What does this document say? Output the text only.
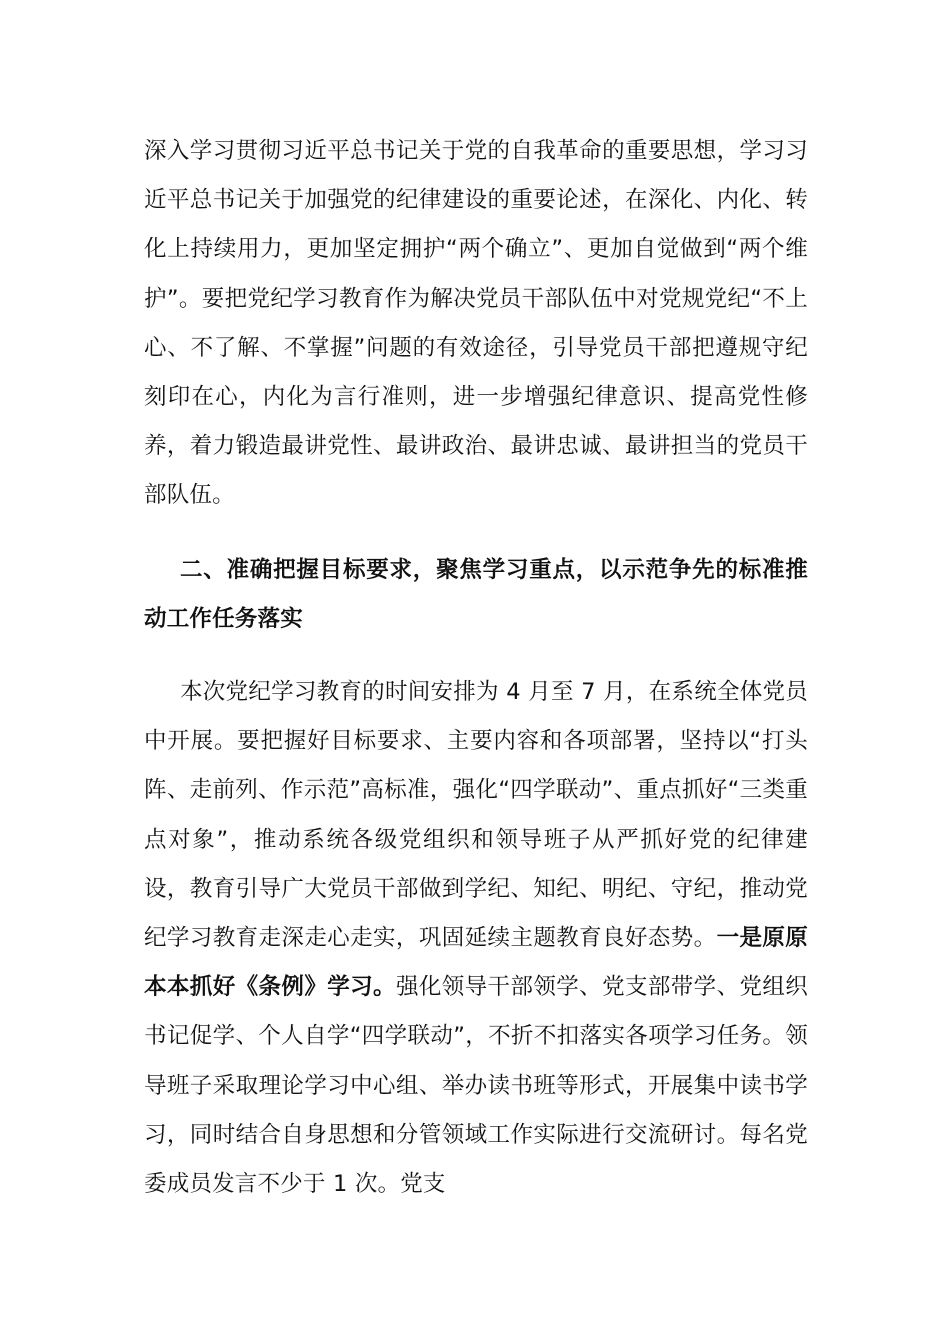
深入学习贯彻习近平总书记关于党的自我革命的重要思想，学习习近平总书记关于加强党的纪律建设的重要论述，在深化、内化、转化上持续用力，更加坚定拥护“两个确立”、更加自觉做到“两个维护”。要把党纪学习教育作为解决党员干部队伍中对党规党纪“不上心、不了解、不掌握”问题的有效途径，引导党员干部把遵规守纪刻印在心，内化为言行准则，进一步增强纪律意识、提高党性修养，着力锻造最讲党性、最讲政治、最讲忠诚、最讲担当的党员干部队伍。

二、准确把握目标要求，聚焦学习重点，以示范争先的标准推动工作任务落实

本次党纪学习教育的时间安排为 4 月至 7 月，在系统全体党员中开展。要把握好目标要求、主要内容和各项部署，坚持以“打头阵、走前列、作示范”高标准，强化“四学联动”、重点抓好“三类重点对象”，推动系统各级党组织和领导班子从严抓好党的纪律建设，教育引导广大党员干部做到学纪、知纪、明纪、守纪，推动党纪学习教育走深走心走实，巩固延续主题教育良好态势。一是原原本本抓好《条例》学习。强化领导干部领学、党支部带学、党组织书记促学、个人自学“四学联动”，不折不扣落实各项学习任务。领导班子采取理论学习中心组、举办读书班等形式，开展集中读书学习，同时结合自身思想和分管领域工作实际进行交流研讨。每名党委成员发言不少于 1 次。党支
